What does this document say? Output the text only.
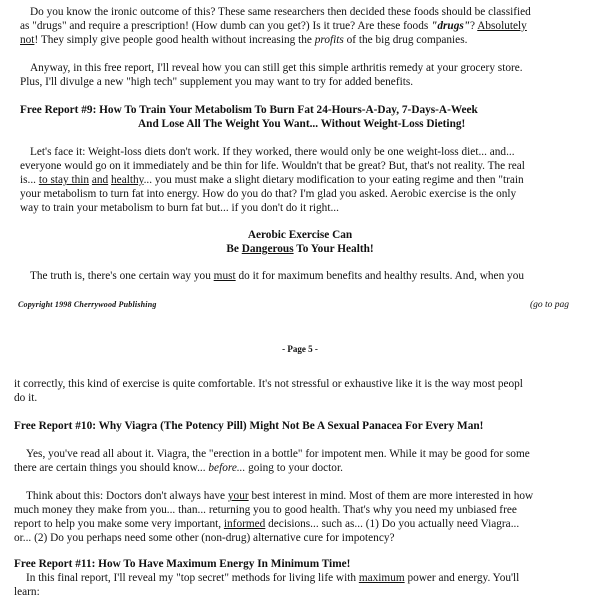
Do you know the ironic outcome of this? These same researchers then decided these foods should be classified
as "drugs" and require a prescription! (How dumb can you get?) Is it true? Are these foods "drugs"? Absolutely
not! They simply give people good health without increasing the profits of the big drug companies.
Anyway, in this free report, I'll reveal how you can still get this simple arthritis remedy at your grocery store.
Plus, I'll divulge a new "high tech" supplement you may want to try for added benefits.
Free Report #9: How To Train Your Metabolism To Burn Fat 24-Hours-A-Day, 7-Days-A-Week
And Lose All The Weight You Want... Without Weight-Loss Dieting!
Let's face it: Weight-loss diets don't work. If they worked, there would only be one weight-loss diet... and...
everyone would go on it immediately and be thin for life. Wouldn't that be great? But, that's not reality. The real
is... to stay thin and healthy... you must make a slight dietary modification to your eating regime and then "train
your metabolism to turn fat into energy. How do you do that? I'm glad you asked. Aerobic exercise is the only
way to train your metabolism to burn fat but... if you don't do it right...
Aerobic Exercise Can
Be Dangerous To Your Health!
The truth is, there's one certain way you must do it for maximum benefits and healthy results. And, when you
Copyright 1998 Cherrywood Publishing	(go to pag
- Page 5 -
it correctly, this kind of exercise is quite comfortable. It's not stressful or exhaustive like it is the way most peopl
do it.
Free Report #10: Why Viagra (The Potency Pill) Might Not Be A Sexual Panacea For Every Man!
Yes, you've read all about it. Viagra, the "erection in a bottle" for impotent men. While it may be good for some
there are certain things you should know... before... going to your doctor.
Think about this: Doctors don't always have your best interest in mind. Most of them are more interested in how
much money they make from you... than... returning you to good health. That's why you need my unbiased free
report to help you make some very important, informed decisions... such as... (1) Do you actually need Viagra...
or... (2) Do you perhaps need some other (non-drug) alternative cure for impotency?
Free Report #11: How To Have Maximum Energy In Minimum Time!
In this final report, I'll reveal my "top secret" methods for living life with maximum power and energy. You'll
learn:
